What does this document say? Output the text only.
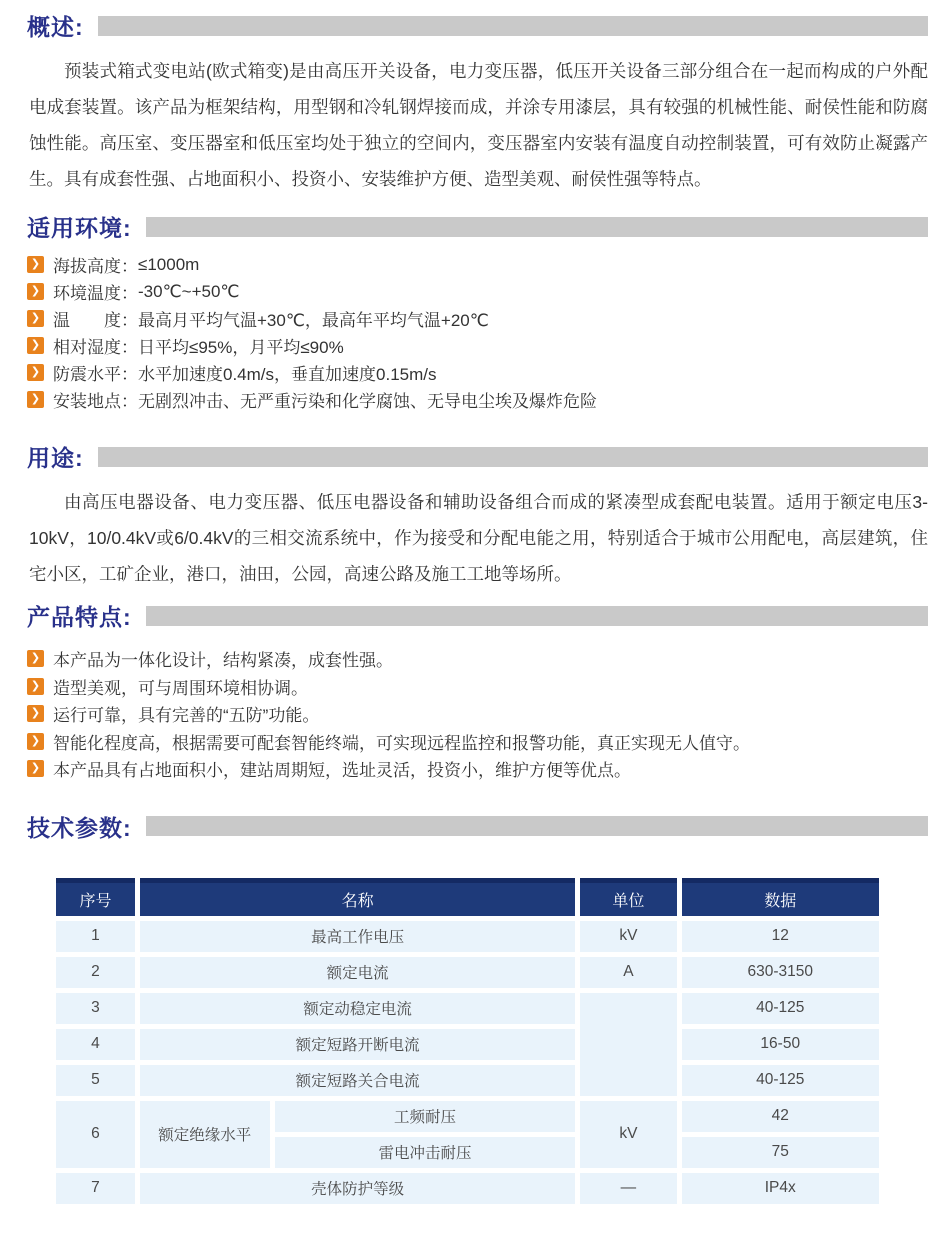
概述:
预装式箱式变电站(欧式箱变)是由高压开关设备，电力变压器，低压开关设备三部分组合在一起而构成的户外配电成套装置。该产品为框架结构，用型钢和冷轧钢焊接而成，并涂专用漆层，具有较强的机械性能、耐侯性能和防腐蚀性能。高压室、变压器室和低压室均处于独立的空间内，变压器室内安装有温度自动控制装置，可有效防止凝露产生。具有成套性强、占地面积小、投资小、安装维护方便、造型美观、耐侯性强等特点。
适用环境:
❯ 海拔高度： ≤1000m
❯ 环境温度： -30℃~+50℃
❯ 温　　度： 最高月平均气温+30℃，最高年平均气温+20℃
❯ 相对湿度： 日平均≤95%，月平均≤90%
❯ 防震水平： 水平加速度0.4m/s，垂直加速度0.15m/s
❯ 安装地点： 无剧烈冲击、无严重污染和化学腐蚀、无导电尘埃及爆炸危险
用途:
由高压电器设备、电力变压器、低压电器设备和辅助设备组合而成的紧凑型成套配电装置。适用于额定电压3-10kV，10/0.4kV或6/0.4kV的三相交流系统中，作为接受和分配电能之用，特别适合于城市公用配电，高层建筑，住宅小区，工矿企业，港口，油田，公园，高速公路及施工工地等场所。
产品特点:
❯ 本产品为一体化设计，结构紧凑，成套性强。
❯ 造型美观，可与周围环境相协调。
❯ 运行可靠，具有完善的“五防”功能。
❯ 智能化程度高，根据需要可配套智能终端，可实现远程监控和报警功能，真正实现无人值守。
❯ 本产品具有占地面积小，建站周期短，选址灵活，投资小，维护方便等优点。
技术参数:
序号	名称		单位	数据
1	最高工作电压		kV	12
2	额定电流		A	630-3150
3	额定动稳定电流			40-125
4	额定短路开断电流			16-50
5	额定短路关合电流			40-125
6	额定绝缘水平	工频耐压	kV	42
		雷电冲击耐压		75
7	壳体防护等级		—	IP4x
